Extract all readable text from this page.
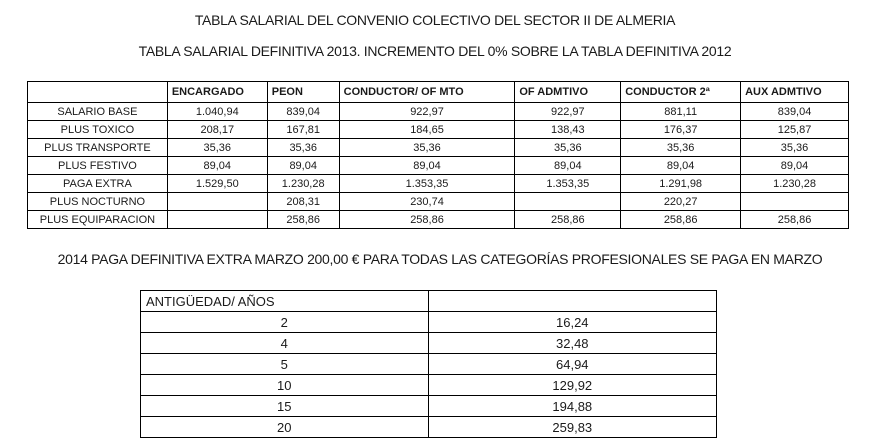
TABLA SALARIAL DEL CONVENIO COLECTIVO DEL SECTOR II DE ALMERIA
TABLA SALARIAL DEFINITIVA 2013. INCREMENTO DEL 0% SOBRE LA TABLA DEFINITIVA 2012
	ENCARGADO	PEON	CONDUCTOR/ OF MTO	OF ADMTIVO	CONDUCTOR 2ª	AUX ADMTIVO
SALARIO BASE	1.040,94	839,04	922,97	922,97	881,11	839,04
PLUS TOXICO	208,17	167,81	184,65	138,43	176,37	125,87
PLUS TRANSPORTE	35,36	35,36	35,36	35,36	35,36	35,36
PLUS FESTIVO	89,04	89,04	89,04	89,04	89,04	89,04
PAGA EXTRA	1.529,50	1.230,28	1.353,35	1.353,35	1.291,98	1.230,28
PLUS NOCTURNO		208,31	230,74		220,27	
PLUS EQUIPARACION		258,86	258,86	258,86	258,86	258,86
2014 PAGA DEFINITIVA EXTRA MARZO 200,00 € PARA TODAS LAS CATEGORÍAS PROFESIONALES SE PAGA EN MARZO
ANTIGÜEDAD/ AÑOS	
2	16,24
4	32,48
5	64,94
10	129,92
15	194,88
20	259,83
